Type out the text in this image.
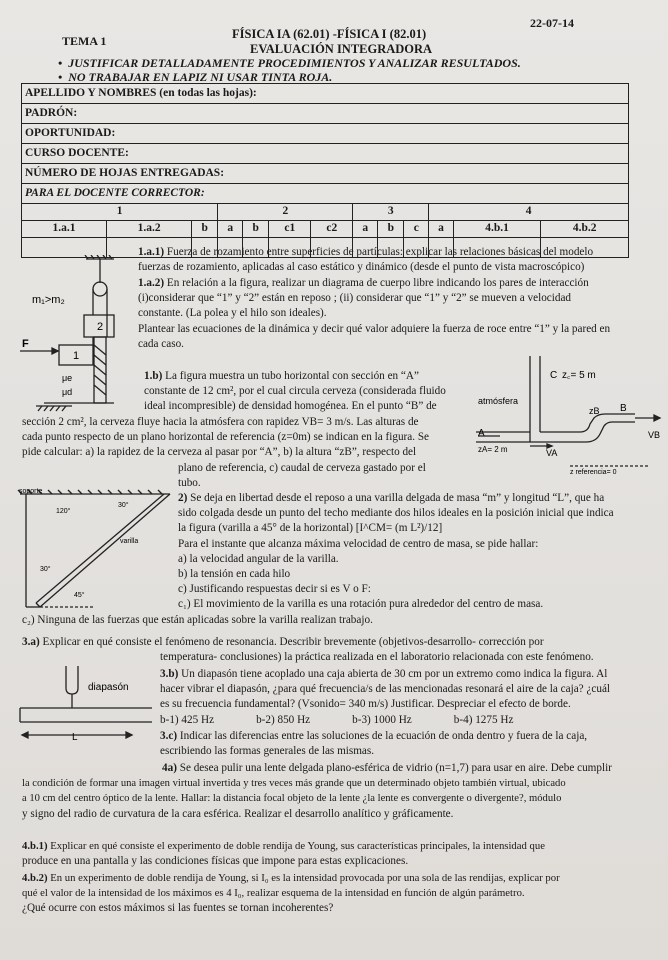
TEMA 1	FÍSICA IA (62.01) -FÍSICA I (82.01)
22-07-14
EVALUACIÓN INTEGRADORA
•  JUSTIFICAR DETALLADAMENTE PROCEDIMIENTOS Y ANALIZAR RESULTADOS.
•  NO TRABAJAR EN LAPIZ NI USAR TINTA ROJA.
APELLIDO Y NOMBRES (en todas las hojas):												
PADRÓN:												
OPORTUNIDAD:												
CURSO DOCENTE:												
NÚMERO DE HOJAS ENTREGADAS:												
PARA EL DOCENTE CORRECTOR:												
1			2				3			4		
1.a.1	1.a.2	b	a	b	c1	c2	a	b	c	a	4.b.1	4.b.2

m₁>m₂
2
1
F
μe
μd
C z꜀= 5 m
atmósfera
A
zA= 2 m	VA
zB B
VB
z referencia= 0
soporte
30°
120°
varilla
30°
45°
diapasón
L
1.a.1) Fuerza de rozamiento entre superficies de partículas: explicar las relaciones básicas del modelo
fuerzas de rozamiento, aplicadas al caso estático y dinámico (desde el punto de vista macroscópico)
1.a.2) En relación a la figura, realizar un diagrama de cuerpo libre indicando los pares de interacción
(i)considerar que “1” y “2” están en reposo ; (ii) considerar que “1” y “2” se mueven a velocidad
constante. (La polea y el hilo son ideales).
Plantear las ecuaciones de la dinámica y decir qué valor adquiere la fuerza de roce entre “1” y la pared en
cada caso.
1.b) La figura muestra un tubo horizontal con sección en “A”
constante de 12 cm², por el cual circula cerveza (considerada fluido
ideal incompresible) de densidad homogénea. En el punto “B” de
sección 2 cm², la cerveza fluye hacia la atmósfera con rapidez VB= 3 m/s. Las alturas de
cada punto respecto de un plano horizontal de referencia (z=0m) se indican en la figura. Se
pide calcular: a) la rapidez de la cerveza al pasar por “A”, b) la altura “zB”, respecto del
plano de referencia, c) caudal de cerveza gastado por el
tubo.
2) Se deja en libertad desde el reposo a una varilla delgada de masa “m” y longitud “L”, que ha
sido colgada desde un punto del techo mediante dos hilos ideales en la posición inicial que indica
la figura (varilla a 45° de la horizontal) [I^CM= (m L²)/12]
Para el instante que alcanza máxima velocidad de centro de masa, se pide hallar:
a) la velocidad angular de la varilla.
b) la tensión en cada hilo
c) Justificando respuestas decir si es V o F:
c₁) El movimiento de la varilla es una rotación pura alrededor del centro de masa.
c₂) Ninguna de las fuerzas que están aplicadas sobre la varilla realizan trabajo.
3.a) Explicar en qué consiste el fenómeno de resonancia. Describir brevemente (objetivos-desarrollo- corrección por
temperatura- conclusiones) la práctica realizada en el laboratorio relacionada con este fenómeno.
3.b) Un diapasón tiene acoplado una caja abierta de 30 cm por un extremo como indica la figura. Al
hacer vibrar el diapasón, ¿para qué frecuencia/s de las mencionadas resonará el aire de la caja? ¿cuál
es su frecuencia fundamental? (Vsonido= 340 m/s) Justificar. Despreciar el efecto de borde.
b-1) 425 Hz	b-2) 850 Hz	b-3) 1000 Hz	b-4) 1275 Hz
3.c) Indicar las diferencias entre las soluciones de la ecuación de onda dentro y fuera de la caja,
escribiendo las formas generales de las mismas.
4a) Se desea pulir una lente delgada plano-esférica de vidrio (n=1,7) para usar en aire. Debe cumplir
la condición de formar una imagen virtual invertida y tres veces más grande que un determinado objeto también virtual, ubicado
a 10 cm del centro óptico de la lente. Hallar: la distancia focal objeto de la lente ¿la lente es convergente o divergente?, módulo
y signo del radio de curvatura de la cara esférica. Realizar el desarrollo analítico y gráficamente.
4.b.1) Explicar en qué consiste el experimento de doble rendija de Young, sus características principales, la intensidad que
produce en una pantalla y las condiciones físicas que impone para estas explicaciones.
4.b.2) En un experimento de doble rendija de Young, si I₀ es la intensidad provocada por una sola de las rendijas, explicar por
qué el valor de la intensidad de los máximos es 4 I₀, realizar esquema de la intensidad en función de algún parámetro.
¿Qué ocurre con estos máximos si las fuentes se tornan incoherentes?
